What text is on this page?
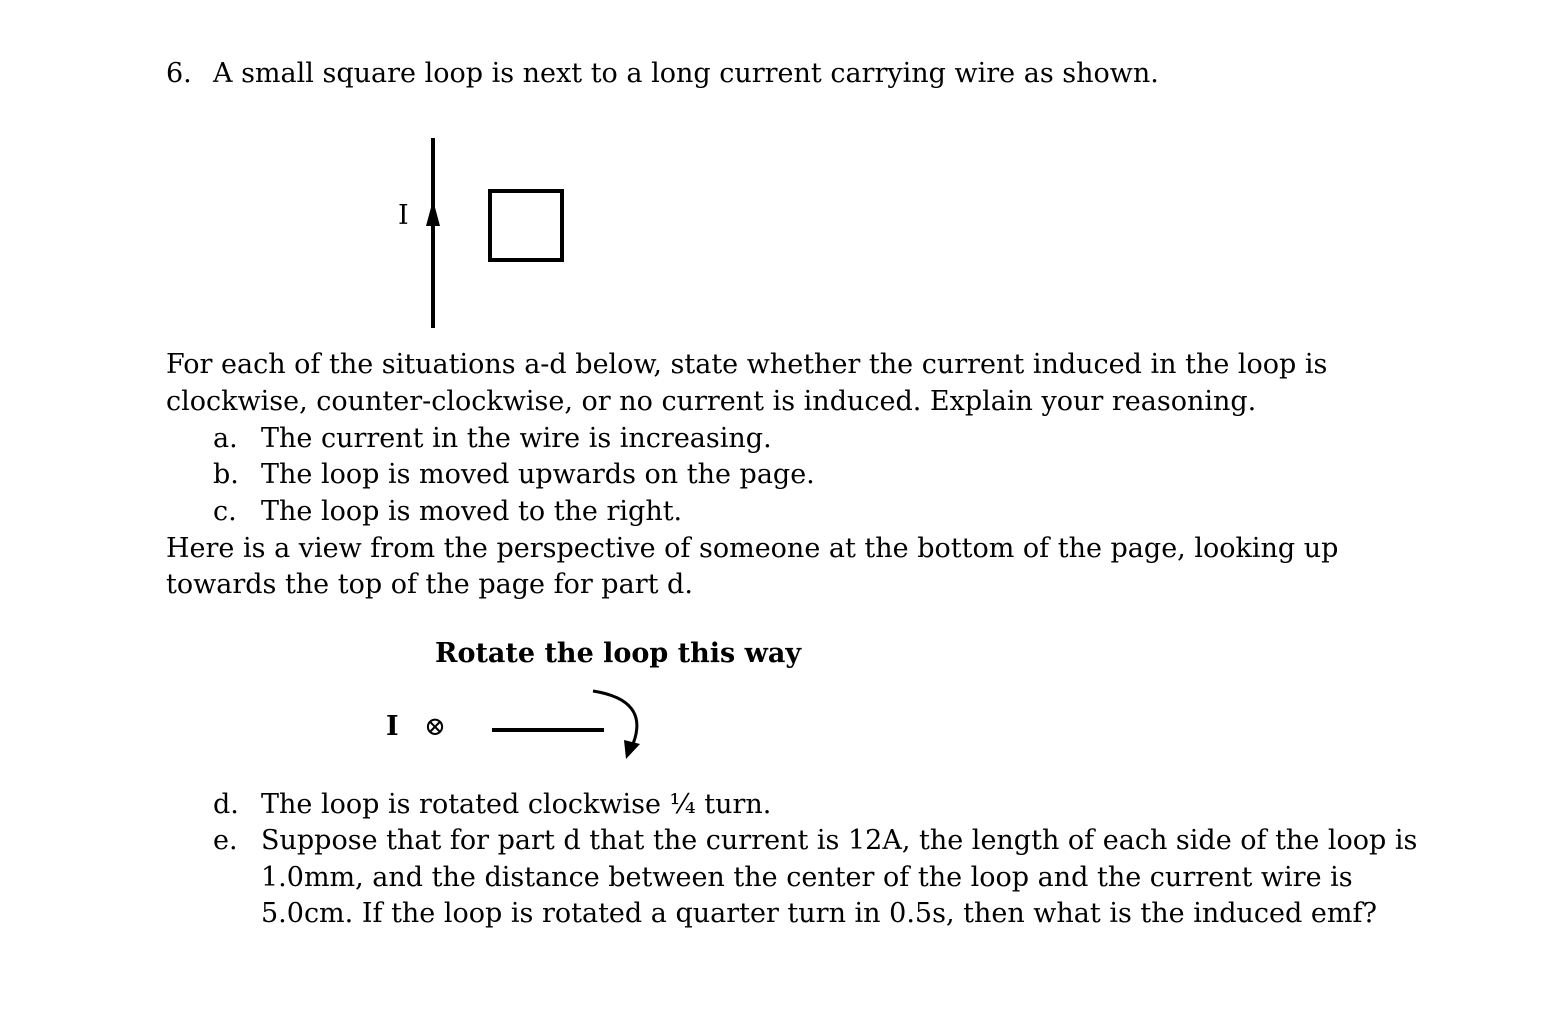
6. A small square loop is next to a long current carrying wire as shown.
I
For each of the situations a-d below, state whether the current induced in the loop is
clockwise, counter-clockwise, or no current is induced. Explain your reasoning.
a. The current in the wire is increasing.
b. The loop is moved upwards on the page.
c. The loop is moved to the right.
Here is a view from the perspective of someone at the bottom of the page, looking up
towards the top of the page for part d.
Rotate the loop this way
I ⊗
d. The loop is rotated clockwise ¼ turn.
e. Suppose that for part d that the current is 12A, the length of each side of the loop is
1.0mm, and the distance between the center of the loop and the current wire is
5.0cm. If the loop is rotated a quarter turn in 0.5s, then what is the induced emf?
